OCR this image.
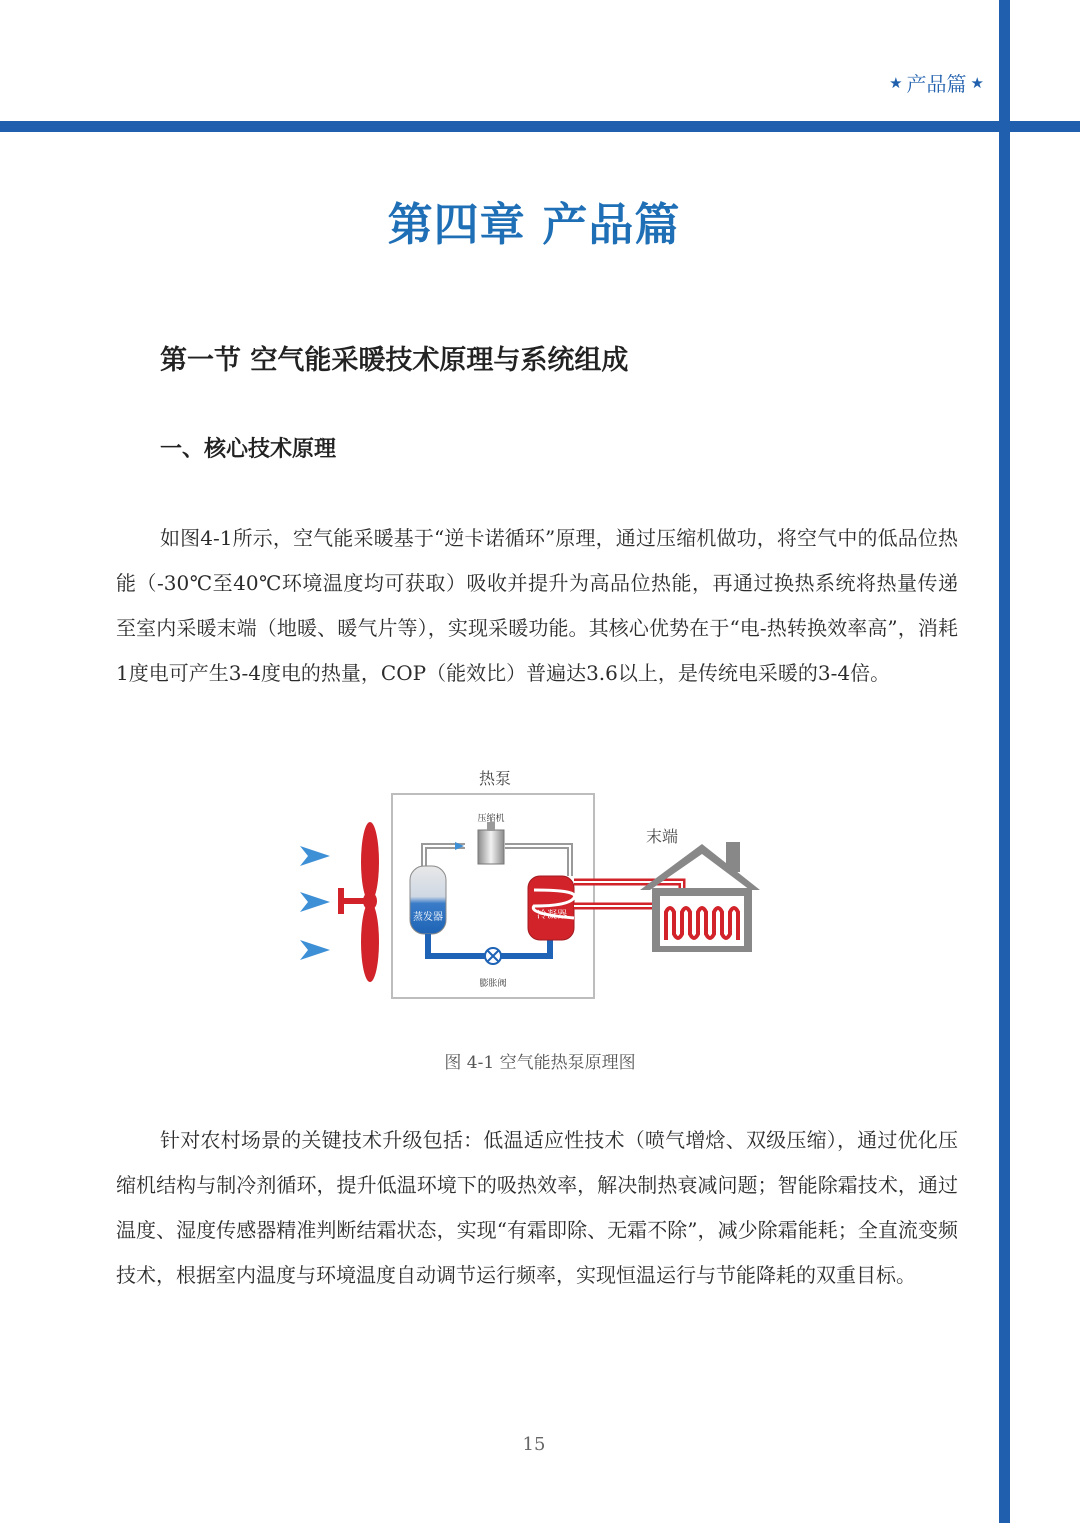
★ 产品篇 ★
第四章 产品篇
第一节 空气能采暖技术原理与系统组成
一、核心技术原理

如图4-1所示，空气能采暖基于“逆卡诺循环”原理，通过压缩机做功，将空气中的低品位热能（-30℃至40℃环境温度均可获取）吸收并提升为高品位热能，再通过换热系统将热量传递至室内采暖末端（地暖、暖气片等），实现采暖功能。其核心优势在于“电-热转换效率高”，消耗1度电可产生3-4度电的热量，COP（能效比）普遍达3.6以上，是传统电采暖的3-4倍。

热泵
压缩机
蒸发器
膨胀阀
冷凝器
末端
图 4-1 空气能热泵原理图

针对农村场景的关键技术升级包括：低温适应性技术（喷气增焓、双级压缩），通过优化压缩机结构与制冷剂循环，提升低温环境下的吸热效率，解决制热衰减问题；智能除霜技术，通过温度、湿度传感器精准判断结霜状态，实现“有霜即除、无霜不除”，减少除霜能耗；全直流变频技术，根据室内温度与环境温度自动调节运行频率，实现恒温运行与节能降耗的双重目标。

15
